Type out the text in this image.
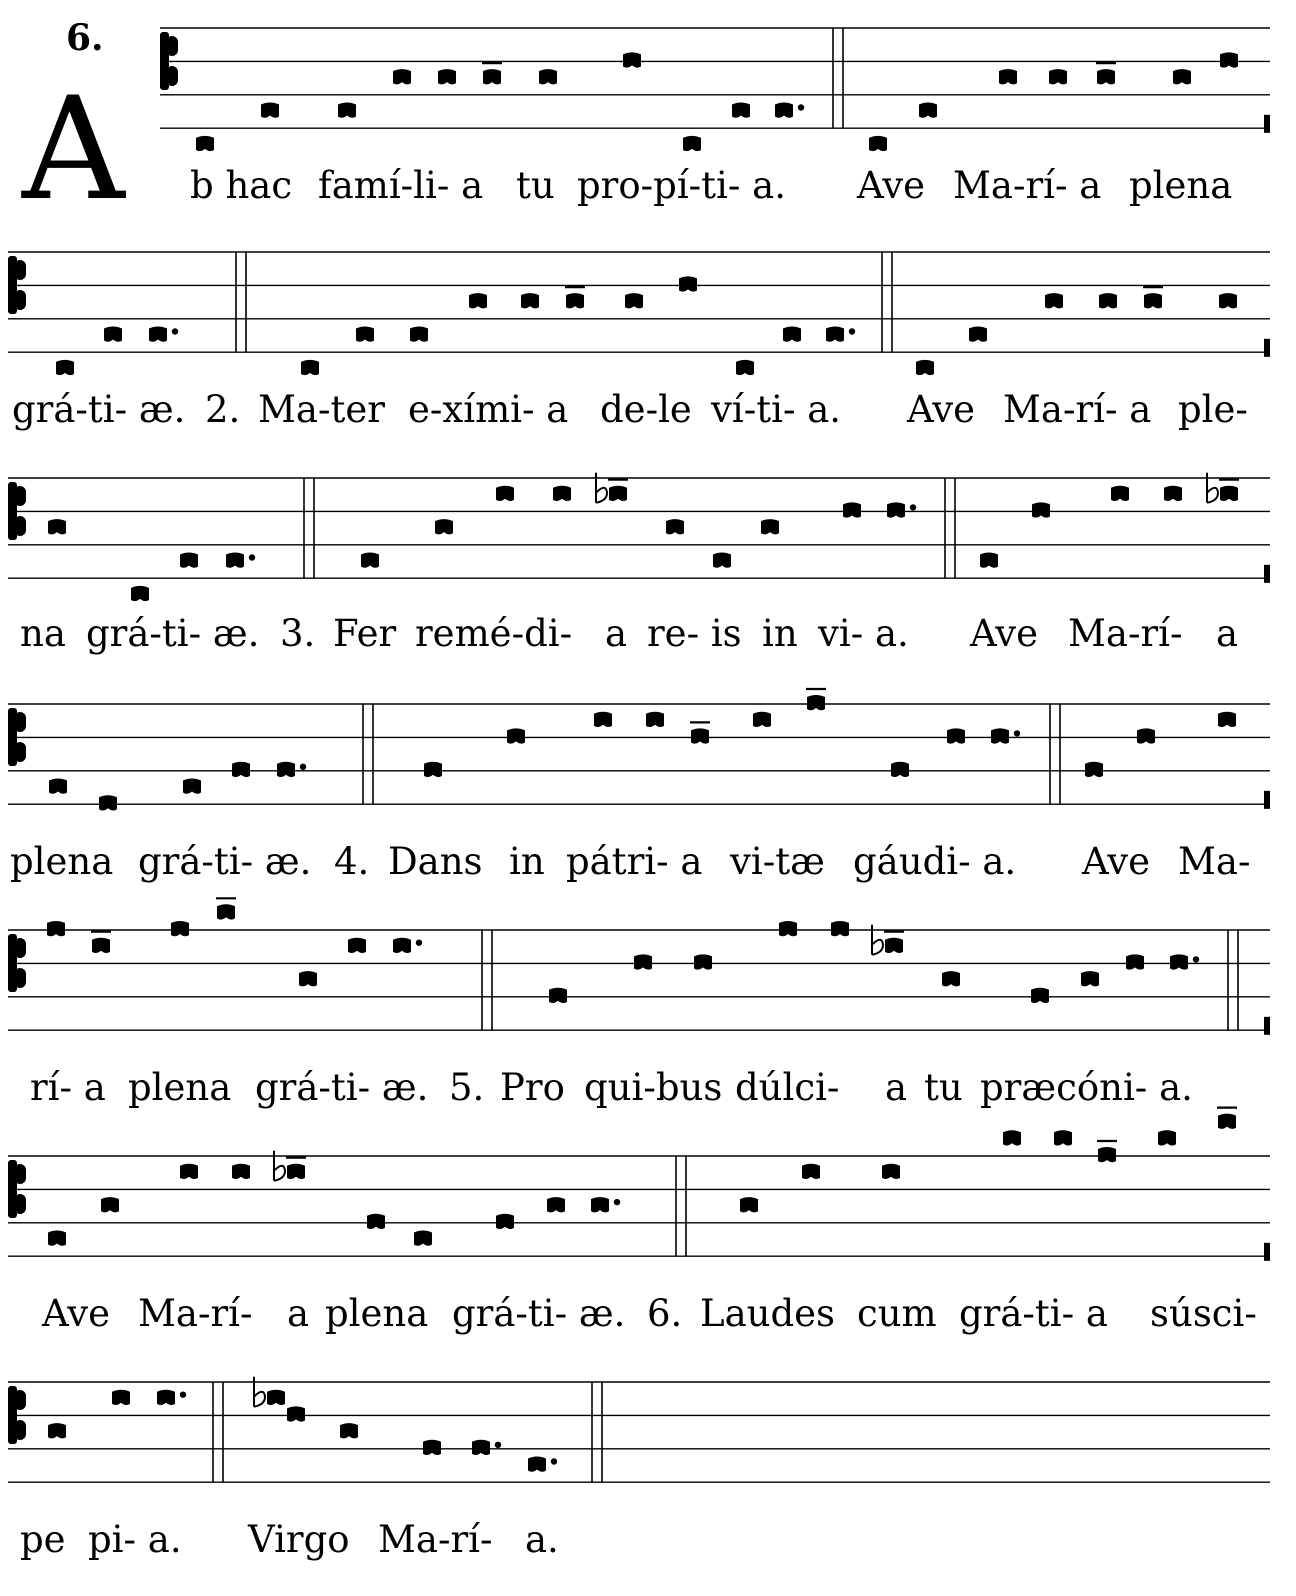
6.
A b hac famí-li- a tu pro-pí-ti- a. Ave Ma-rí- a plena
grá-ti- æ. 2. Ma-ter e-xími- a de-le ví-ti- a. Ave Ma-rí- a ple-
na grá-ti- æ. 3. Fer remé-di- a re- is in vi- a. Ave Ma-rí- a
plena grá-ti- æ. 4. Dans in pátri- a vi-tæ gáudi- a. Ave Ma-
rí- a plena grá-ti- æ. 5. Pro qui-bus dúlci- a tu præcóni- a.
Ave Ma-rí- a plena grá-ti- æ. 6. Laudes cum grá-ti- a súsci-
pe pi- a. Virgo Ma-rí- a.
